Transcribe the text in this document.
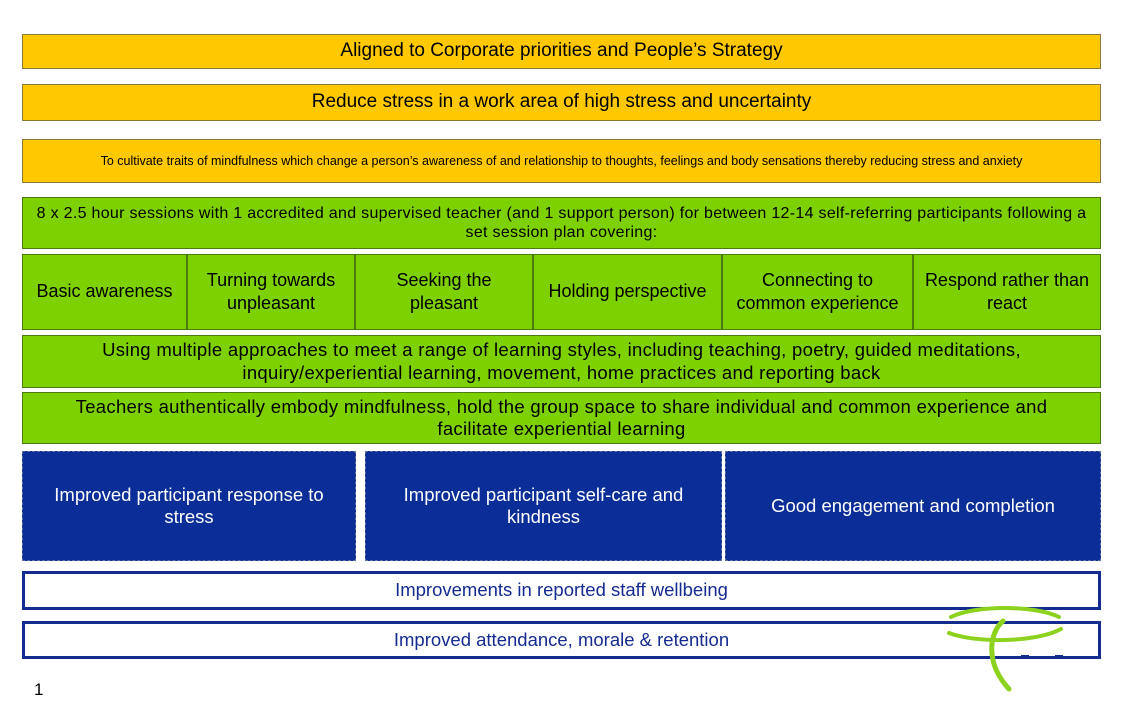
Aligned to Corporate priorities and People’s Strategy
Reduce stress in a work area of high stress and uncertainty
To cultivate traits of mindfulness which change a person’s awareness of and relationship to thoughts, feelings and body sensations thereby reducing stress and anxiety
8 x 2.5 hour sessions with 1 accredited and supervised teacher (and 1 support person) for between 12-14 self-referring participants following a set session plan covering:
Basic awareness
Turning towards unpleasant
Seeking the pleasant
Holding perspective
Connecting to common experience
Respond rather than react
Using multiple approaches to meet a range of learning styles, including teaching, poetry, guided meditations, inquiry/experiential learning, movement, home practices and reporting back
Teachers authentically embody mindfulness, hold the group space to share individual and common experience and facilitate experiential learning
Improved participant response to stress
Improved participant self-care and kindness
Good engagement and completion
Improvements in reported staff wellbeing
Improved attendance, morale & retention
1
